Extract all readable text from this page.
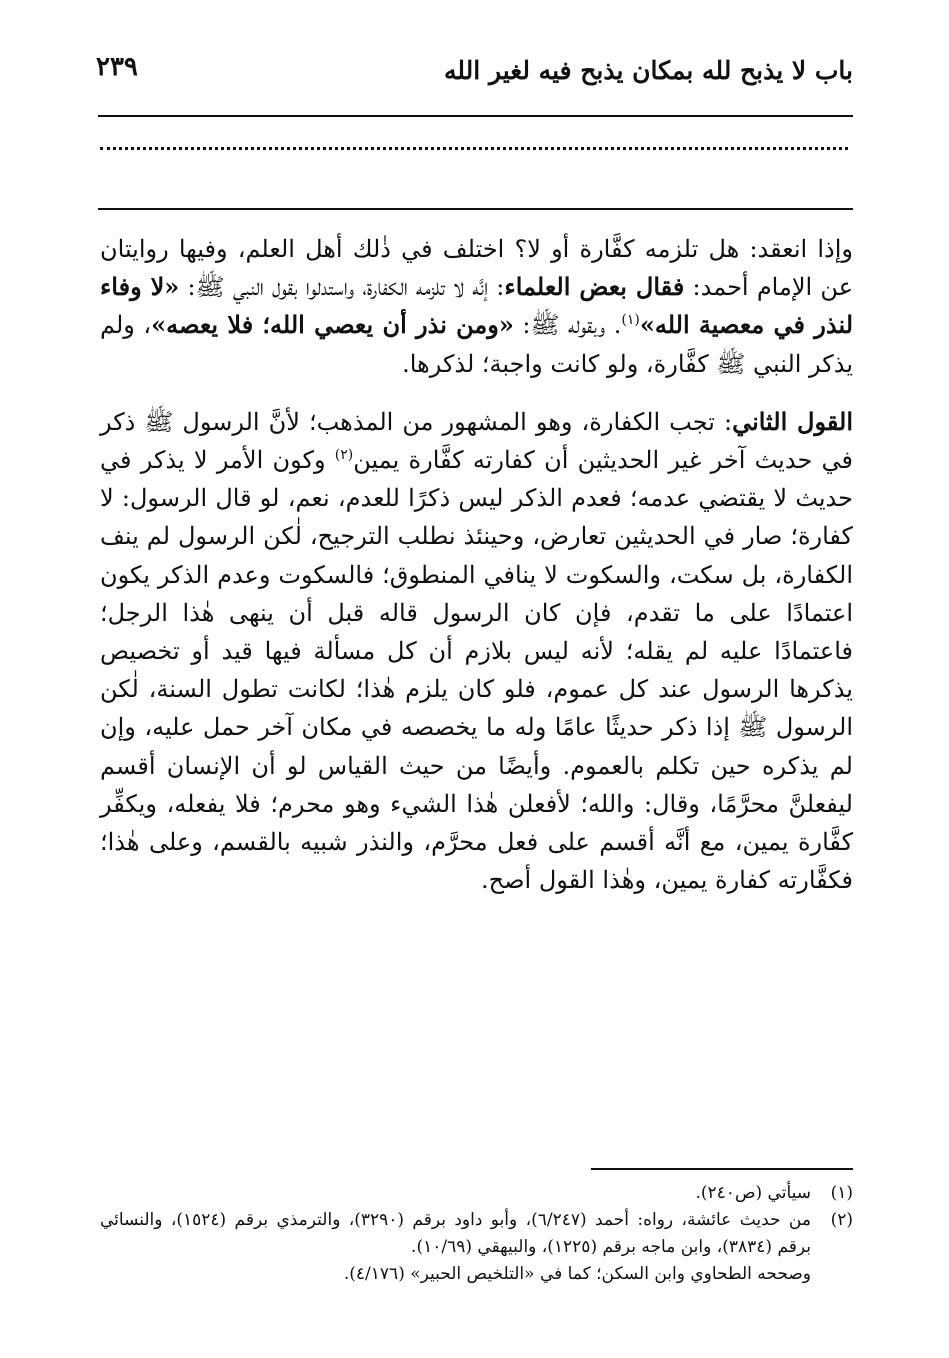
باب لا يذبح لله بمكان يذبح فيه لغير الله
٢٣٩

وإذا انعقد: هل تلزمه كفَّارة أو لا؟ اختلف في ذٰلك أهل العلم، وفيها روايتان عن الإمام أحمد: فقال بعض العلماء: إنَّه لا تلزمه الكفارة، واستدلوا بقول النبي ﷺ: «لا وفاء لنذر في معصية الله»$^{(١)}$. وبقوله ﷺ: «ومن نذر أن يعصي الله؛ فلا يعصه»، ولم يذكر النبي ﷺ كفَّارة، ولو كانت واجبة؛ لذكرها.

القول الثاني: تجب الكفارة، وهو المشهور من المذهب؛ لأنَّ الرسول ﷺ ذكر في حديث آخر غير الحديثين أن كفارته كفَّارة يمين$^{(٢)}$ وكون الأمر لا يذكر في حديث لا يقتضي عدمه؛ فعدم الذكر ليس ذكرًا للعدم، نعم، لو قال الرسول: لا كفارة؛ صار في الحديثين تعارض، وحينئذ نطلب الترجيح، لٰكن الرسول لم ينف الكفارة، بل سكت، والسكوت لا ينافي المنطوق؛ فالسكوت وعدم الذكر يكون اعتمادًا على ما تقدم، فإن كان الرسول قاله قبل أن ينهى هٰذا الرجل؛ فاعتمادًا عليه لم يقله؛ لأنه ليس بلازم أن كل مسألة فيها قيد أو تخصيص يذكرها الرسول عند كل عموم، فلو كان يلزم هٰذا؛ لكانت تطول السنة، لٰكن الرسول ﷺ إذا ذكر حديثًا عامًا وله ما يخصصه في مكان آخر حمل عليه، وإن لم يذكره حين تكلم بالعموم. وأيضًا من حيث القياس لو أن الإنسان أقسم ليفعلنَّ محرَّمًا، وقال: والله؛ لأفعلن هٰذا الشيء وهو محرم؛ فلا يفعله، ويكفِّر كفَّارة يمين، مع أنَّه أقسم على فعل محرَّم، والنذر شبيه بالقسم، وعلى هٰذا؛ فكفَّارته كفارة يمين، وهٰذا القول أصح.

(١)
سيأتي (ص٢٤٠).
(٢)
من حديث عائشة، رواه: أحمد (٦/٢٤٧)، وأبو داود برقم (٣٢٩٠)، والترمذي برقم (١٥٢٤)، والنسائي برقم (٣٨٣٤)، وابن ماجه برقم (١٢٢٥)، والبيهقي (١٠/٦٩).
وصححه الطحاوي وابن السكن؛ كما في «التلخيص الحبير» (٤/١٧٦).
